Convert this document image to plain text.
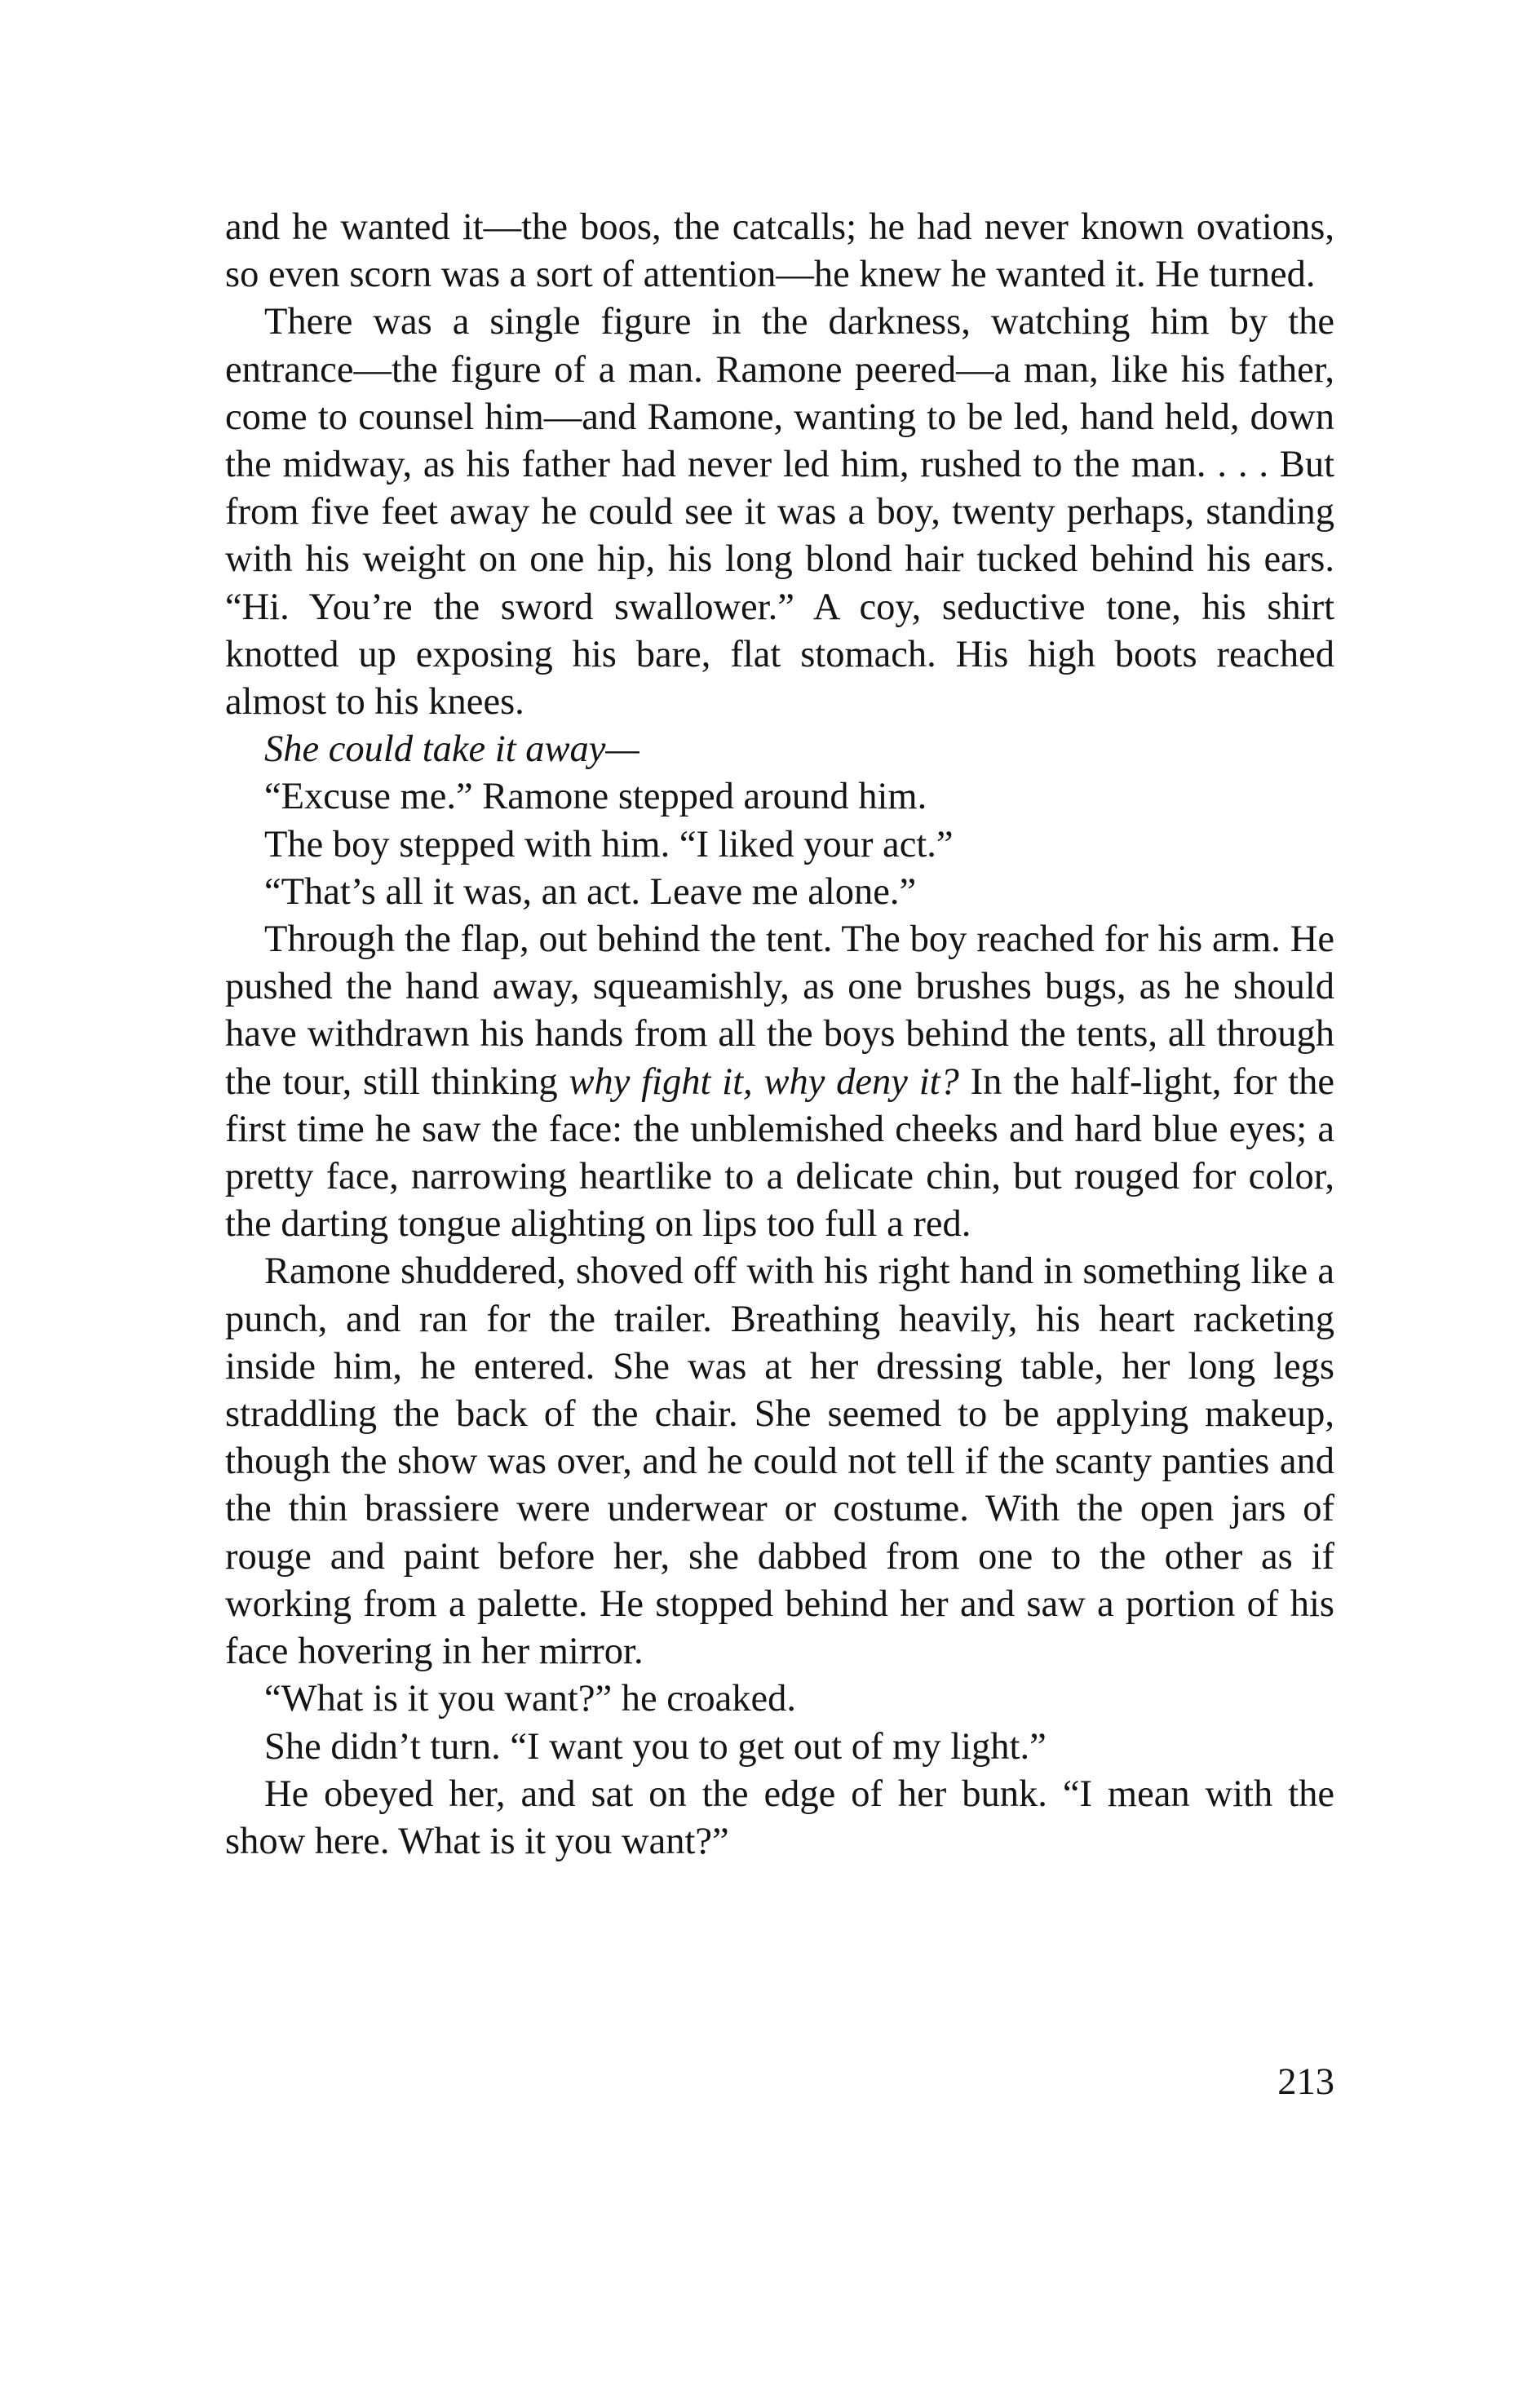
and he wanted it—the boos, the catcalls; he had never known ovations, so even scorn was a sort of attention—he knew he wanted it. He turned.

There was a single figure in the darkness, watching him by the entrance—the figure of a man. Ramone peered—a man, like his father, come to counsel him—and Ramone, wanting to be led, hand held, down the midway, as his father had never led him, rushed to the man. . . . But from five feet away he could see it was a boy, twenty perhaps, standing with his weight on one hip, his long blond hair tucked behind his ears. “Hi. You’re the sword swallower.” A coy, seductive tone, his shirt knotted up exposing his bare, flat stomach. His high boots reached almost to his knees.

She could take it away—

“Excuse me.” Ramone stepped around him.

The boy stepped with him. “I liked your act.”

“That’s all it was, an act. Leave me alone.”

Through the flap, out behind the tent. The boy reached for his arm. He pushed the hand away, squeamishly, as one brushes bugs, as he should have withdrawn his hands from all the boys behind the tents, all through the tour, still thinking why fight it, why deny it? In the half-light, for the first time he saw the face: the unblemished cheeks and hard blue eyes; a pretty face, narrowing heartlike to a delicate chin, but rouged for color, the darting tongue alighting on lips too full a red.

Ramone shuddered, shoved off with his right hand in something like a punch, and ran for the trailer. Breathing heavily, his heart racketing inside him, he entered. She was at her dressing table, her long legs straddling the back of the chair. She seemed to be applying makeup, though the show was over, and he could not tell if the scanty panties and the thin brassiere were underwear or costume. With the open jars of rouge and paint before her, she dabbed from one to the other as if working from a palette. He stopped behind her and saw a portion of his face hovering in her mirror.

“What is it you want?” he croaked.

She didn’t turn. “I want you to get out of my light.”

He obeyed her, and sat on the edge of her bunk. “I mean with the show here. What is it you want?”

213
